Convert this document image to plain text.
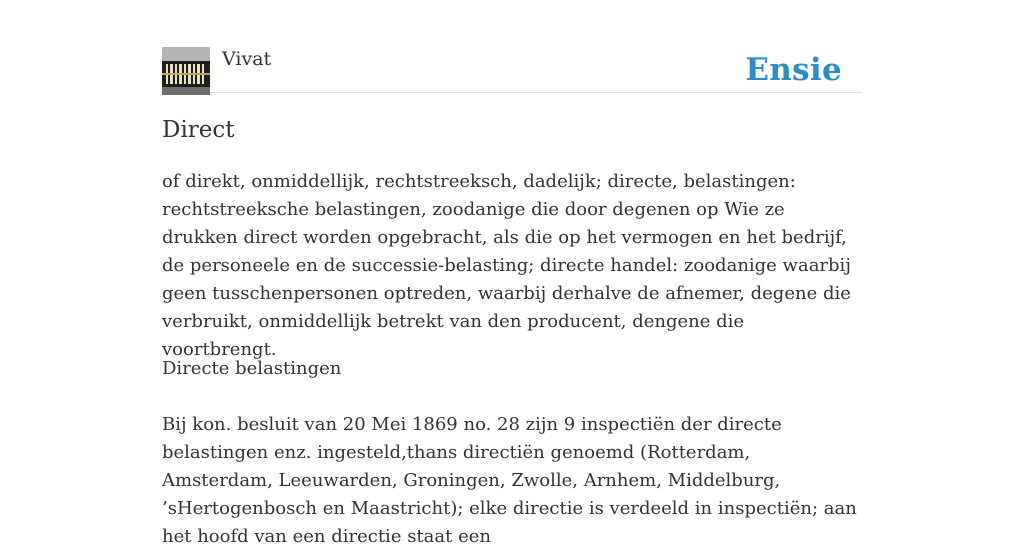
Vivat	Ensie
Direct

of direkt, onmiddellijk, rechtstreeksch, dadelijk; directe, belastingen: rechtstreeksche belastingen, zoodanige die door degenen op Wie ze drukken direct worden opgebracht, als die op het vermogen en het bedrijf, de personeele en de successie-belasting; directe handel: zoodanige waarbij geen tusschenpersonen optreden, waarbij derhalve de afnemer, degene die verbruikt, onmiddellijk betrekt van den producent, dengene die voortbrengt.

Directe belastingen

Bij kon. besluit van 20 Mei 1869 no. 28 zijn 9 inspectiën der directe belastingen enz. ingesteld,thans directiën genoemd (Rotterdam, Amsterdam, Leeuwarden, Groningen, Zwolle, Arnhem, Middelburg, ’sHertogenbosch en Maastricht); elke directie is verdeeld in inspectiën; aan het hoofd van een directie staat een
